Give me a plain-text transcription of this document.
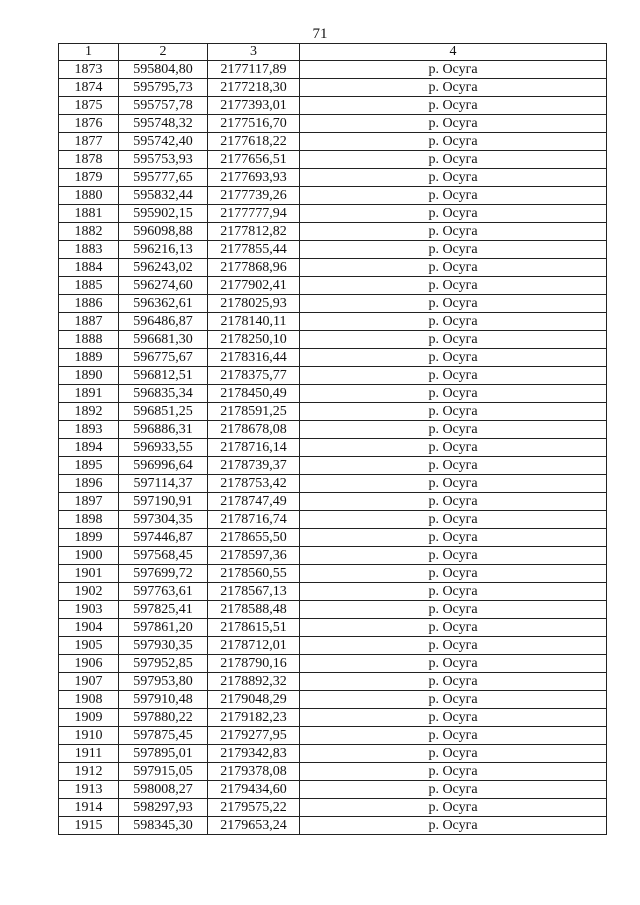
71
1	2	3	4
1873	595804,80	2177117,89	р. Осуга
1874	595795,73	2177218,30	р. Осуга
1875	595757,78	2177393,01	р. Осуга
1876	595748,32	2177516,70	р. Осуга
1877	595742,40	2177618,22	р. Осуга
1878	595753,93	2177656,51	р. Осуга
1879	595777,65	2177693,93	р. Осуга
1880	595832,44	2177739,26	р. Осуга
1881	595902,15	2177777,94	р. Осуга
1882	596098,88	2177812,82	р. Осуга
1883	596216,13	2177855,44	р. Осуга
1884	596243,02	2177868,96	р. Осуга
1885	596274,60	2177902,41	р. Осуга
1886	596362,61	2178025,93	р. Осуга
1887	596486,87	2178140,11	р. Осуга
1888	596681,30	2178250,10	р. Осуга
1889	596775,67	2178316,44	р. Осуга
1890	596812,51	2178375,77	р. Осуга
1891	596835,34	2178450,49	р. Осуга
1892	596851,25	2178591,25	р. Осуга
1893	596886,31	2178678,08	р. Осуга
1894	596933,55	2178716,14	р. Осуга
1895	596996,64	2178739,37	р. Осуга
1896	597114,37	2178753,42	р. Осуга
1897	597190,91	2178747,49	р. Осуга
1898	597304,35	2178716,74	р. Осуга
1899	597446,87	2178655,50	р. Осуга
1900	597568,45	2178597,36	р. Осуга
1901	597699,72	2178560,55	р. Осуга
1902	597763,61	2178567,13	р. Осуга
1903	597825,41	2178588,48	р. Осуга
1904	597861,20	2178615,51	р. Осуга
1905	597930,35	2178712,01	р. Осуга
1906	597952,85	2178790,16	р. Осуга
1907	597953,80	2178892,32	р. Осуга
1908	597910,48	2179048,29	р. Осуга
1909	597880,22	2179182,23	р. Осуга
1910	597875,45	2179277,95	р. Осуга
1911	597895,01	2179342,83	р. Осуга
1912	597915,05	2179378,08	р. Осуга
1913	598008,27	2179434,60	р. Осуга
1914	598297,93	2179575,22	р. Осуга
1915	598345,30	2179653,24	р. Осуга
